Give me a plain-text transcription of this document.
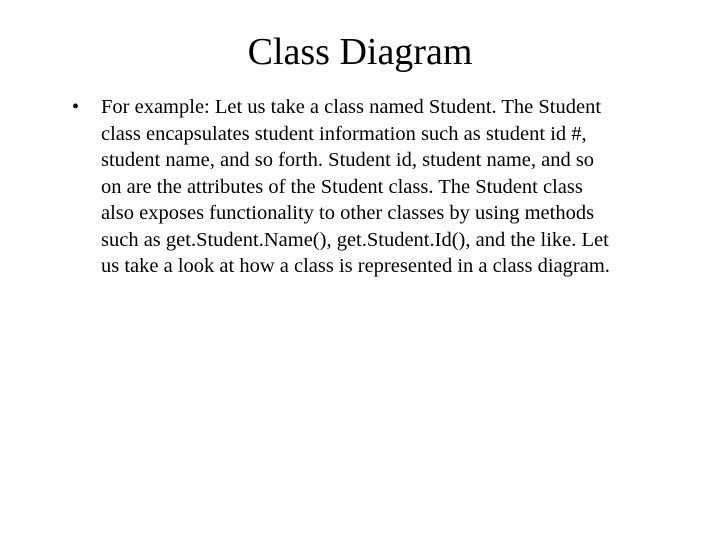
Class Diagram
• For example: Let us take a class named Student. The Student
class encapsulates student information such as student id #,
student name, and so forth. Student id, student name, and so
on are the attributes of the Student class. The Student class
also exposes functionality to other classes by using methods
such as get.Student.Name(), get.Student.Id(), and the like. Let
us take a look at how a class is represented in a class diagram.
